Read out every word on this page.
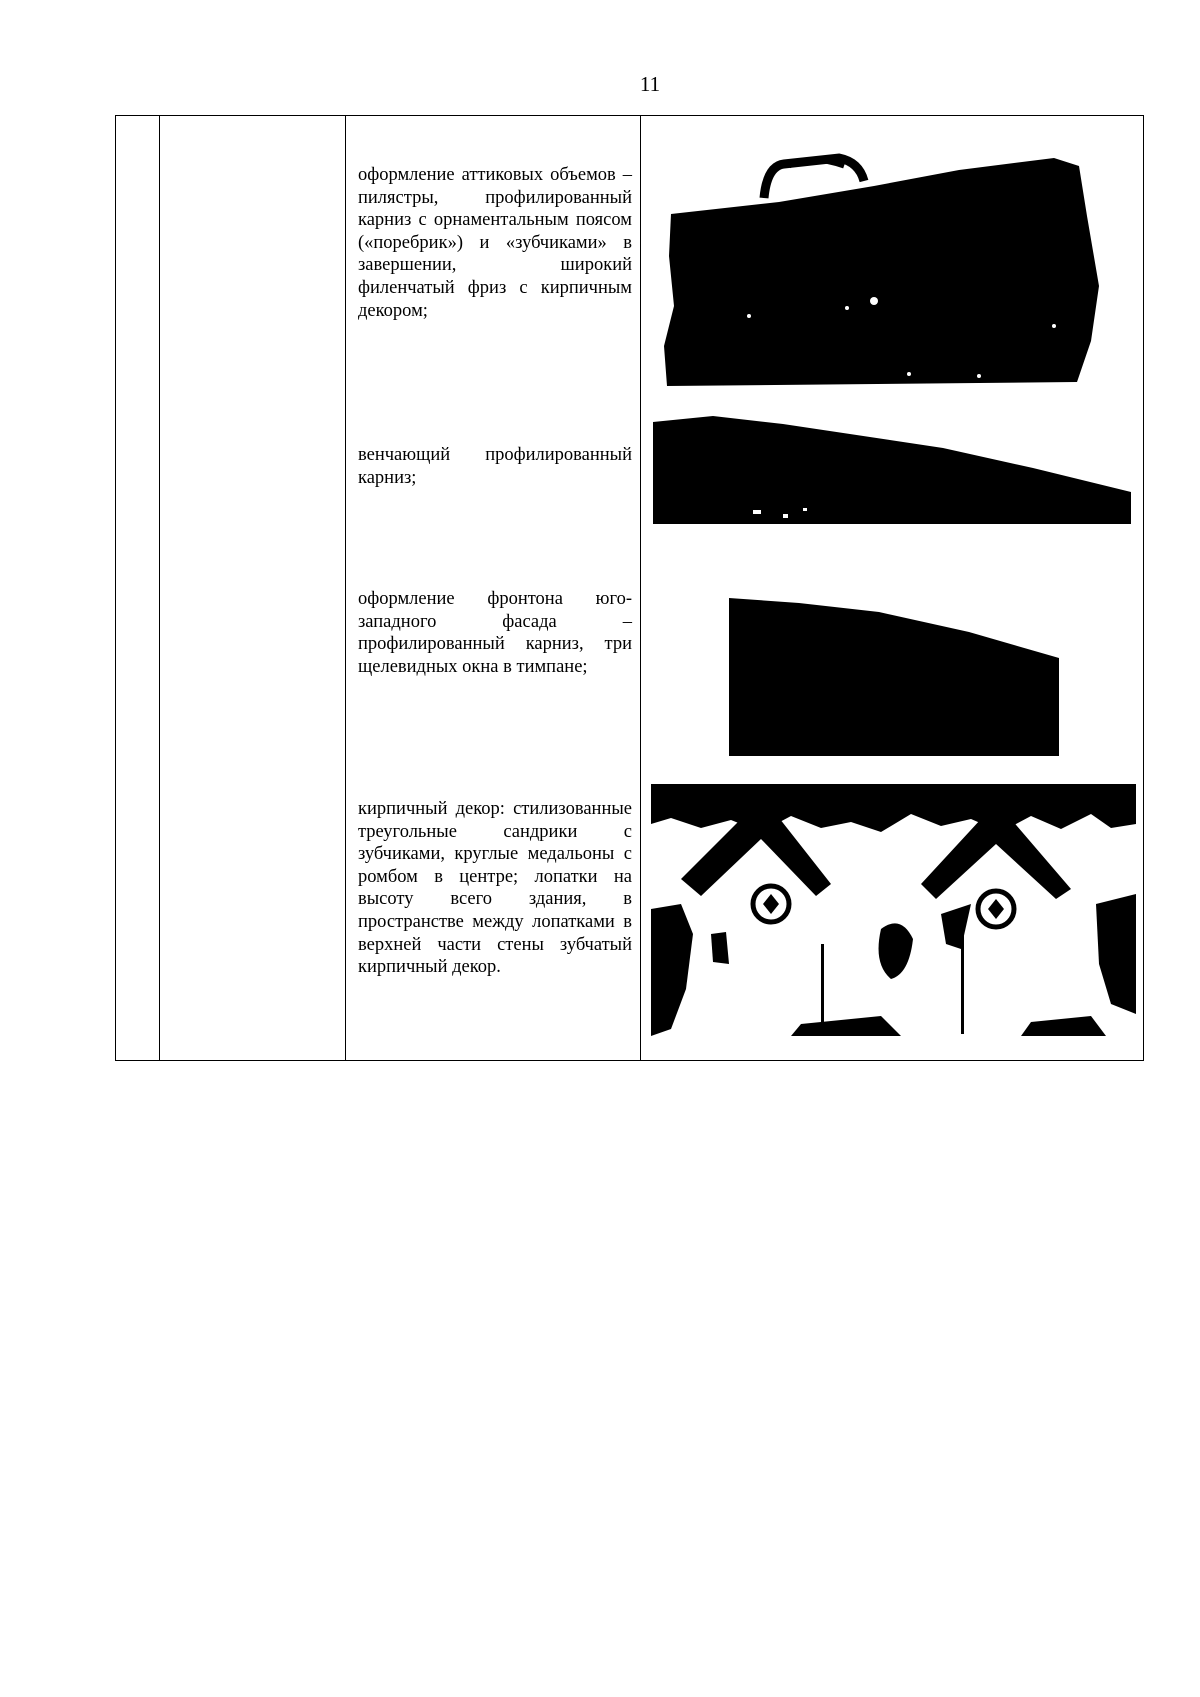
11

оформление аттиковых объемов – пилястры, профилированный карниз с орнаментальным поясом («поребрик») и «зубчиками» в завершении, широкий филенчатый фриз с кирпичным декором;
венчающий профилированный карниз;
оформление фронтона юго-западного фасада – профилированный карниз, три щелевидных окна в тимпане;
кирпичный декор: стилизованные треугольные сандрики с зубчиками, круглые медальоны с ромбом в центре; лопатки на высоту всего здания, в пространстве между лопатками в верхней части стены зубчатый кирпичный декор.
